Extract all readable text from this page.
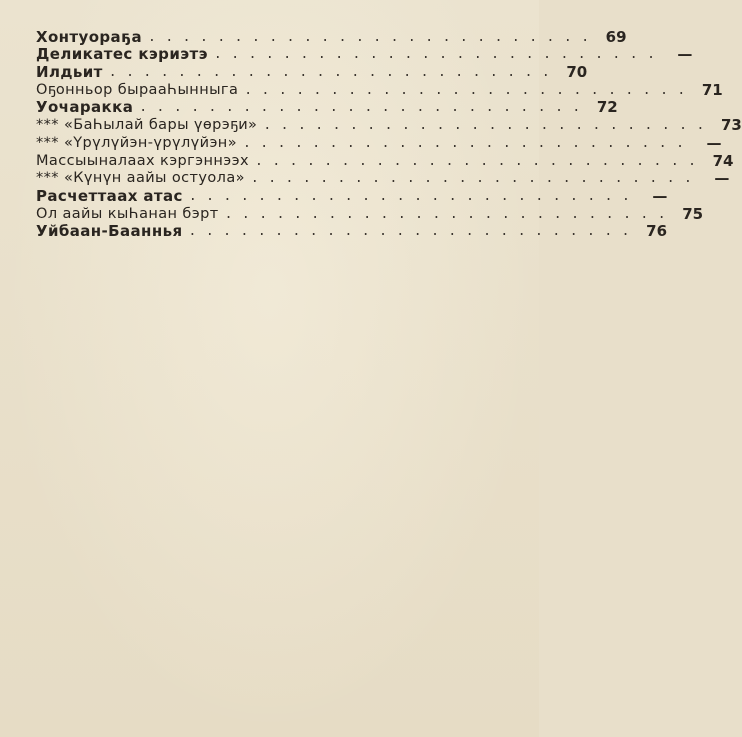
Хонтуораҕа .......................... 69
Деликатес кэриэтэ .......................... —
Илдьит .......................... 70
Оҕонньор бырааҺынныга .......................... 71
Уочаракка .......................... 72
*** «БаҺылай бары үөрэҕи» .......................... 73
*** «Үрүлүйэн-үрүлүйэн» .......................... —
Массыыналаах кэргэннээх .......................... 74
*** «Күнүн аайы остуола» .......................... —
Расчеттаах атас .......................... —
Ол аайы кыҺанан бэрт .......................... 75
Уйбаан-Бааннья .......................... 76
